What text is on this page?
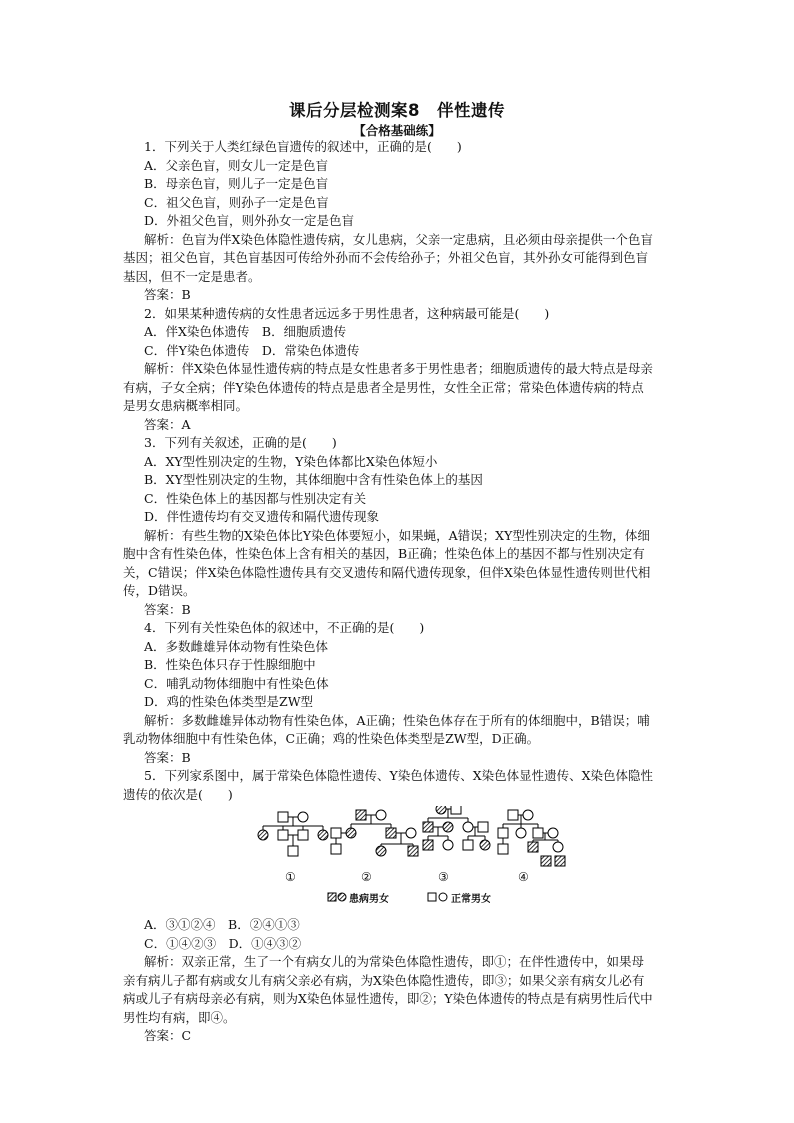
课后分层检测案8　伴性遗传
【合格基础练】

1．下列关于人类红绿色盲遗传的叙述中，正确的是(　　)

A．父亲色盲，则女儿一定是色盲

B．母亲色盲，则儿子一定是色盲

C．祖父色盲，则孙子一定是色盲

D．外祖父色盲，则外孙女一定是色盲

解析：色盲为伴X染色体隐性遗传病，女儿患病，父亲一定患病，且必须由母亲提供一个色盲基因；祖父色盲，其色盲基因可传给外孙而不会传给孙子；外祖父色盲，其外孙女可能得到色盲基因，但不一定是患者。

答案：B

2．如果某种遗传病的女性患者远远多于男性患者，这种病最可能是(　　)

A．伴X染色体遗传　B．细胞质遗传

C．伴Y染色体遗传　D．常染色体遗传

解析：伴X染色体显性遗传病的特点是女性患者多于男性患者；细胞质遗传的最大特点是母亲有病，子女全病；伴Y染色体遗传的特点是患者全是男性，女性全正常；常染色体遗传病的特点是男女患病概率相同。

答案：A

3．下列有关叙述，正确的是(　　)

A．XY型性别决定的生物，Y染色体都比X染色体短小

B．XY型性别决定的生物，其体细胞中含有性染色体上的基因

C．性染色体上的基因都与性别决定有关

D．伴性遗传均有交叉遗传和隔代遗传现象

解析：有些生物的X染色体比Y染色体要短小，如果蝇，A错误；XY型性别决定的生物，体细胞中含有性染色体，性染色体上含有相关的基因，B正确；性染色体上的基因不都与性别决定有关，C错误；伴X染色体隐性遗传具有交叉遗传和隔代遗传现象，但伴X染色体显性遗传则世代相传，D错误。

答案：B

4．下列有关性染色体的叙述中，不正确的是(　　)

A．多数雌雄异体动物有性染色体

B．性染色体只存于性腺细胞中

C．哺乳动物体细胞中有性染色体

D．鸡的性染色体类型是ZW型

解析：多数雌雄异体动物有性染色体，A正确；性染色体存在于所有的体细胞中，B错误；哺乳动物体细胞中有性染色体，C正确；鸡的性染色体类型是ZW型，D正确。

答案：B

5．下列家系图中，属于常染色体隐性遗传、Y染色体遗传、X染色体显性遗传、X染色体隐性遗传的依次是(　　)

①	②	③	④
患病男女	正常男女

A．③①②④　B．②④①③

C．①④②③　D．①④③②

解析：双亲正常，生了一个有病女儿的为常染色体隐性遗传，即①；在伴性遗传中，如果母亲有病儿子都有病或女儿有病父亲必有病，为X染色体隐性遗传，即③；如果父亲有病女儿必有病或儿子有病母亲必有病，则为X染色体显性遗传，即②；Y染色体遗传的特点是有病男性后代中男性均有病，即④。

答案：C
